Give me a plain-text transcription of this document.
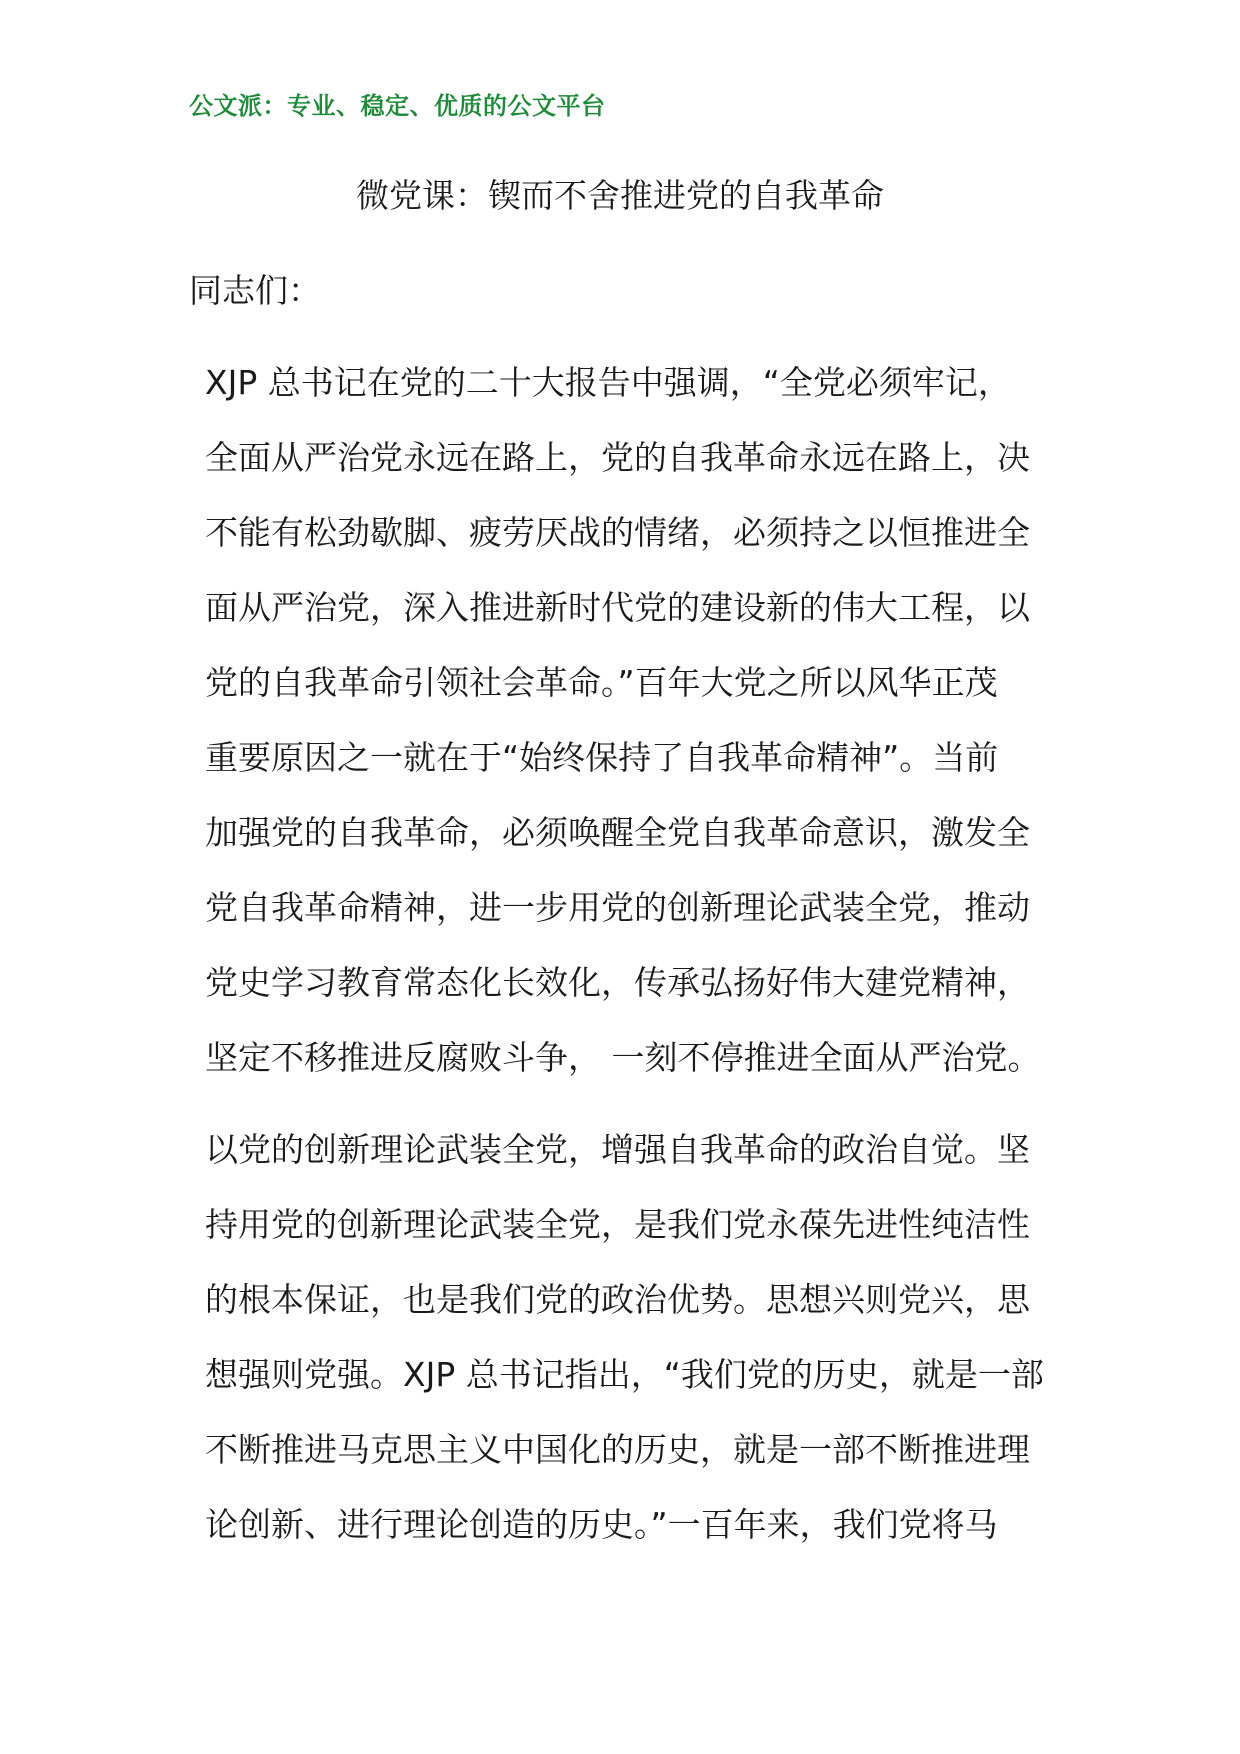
公文派：专业、稳定、优质的公文平台
微党课：锲而不舍推进党的自我革命
同志们：
XJP 总书记在党的二十大报告中强调，“全党必须牢记，
全面从严治党永远在路上，党的自我革命永远在路上，决
不能有松劲歇脚、疲劳厌战的情绪，必须持之以恒推进全
面从严治党，深入推进新时代党的建设新的伟大工程，以
党的自我革命引领社会革命。”百年大党之所以风华正茂
重要原因之一就在于“始终保持了自我革命精神”。当前
加强党的自我革命，必须唤醒全党自我革命意识，激发全
党自我革命精神，进一步用党的创新理论武装全党，推动
党史学习教育常态化长效化，传承弘扬好伟大建党精神，
坚定不移推进反腐败斗争， 一刻不停推进全面从严治党。
以党的创新理论武装全党，增强自我革命的政治自觉。坚
持用党的创新理论武装全党，是我们党永葆先进性纯洁性
的根本保证，也是我们党的政治优势。思想兴则党兴，思
想强则党强。XJP 总书记指出，“我们党的历史，就是一部
不断推进马克思主义中国化的历史，就是一部不断推进理
论创新、进行理论创造的历史。”一百年来，我们党将马
